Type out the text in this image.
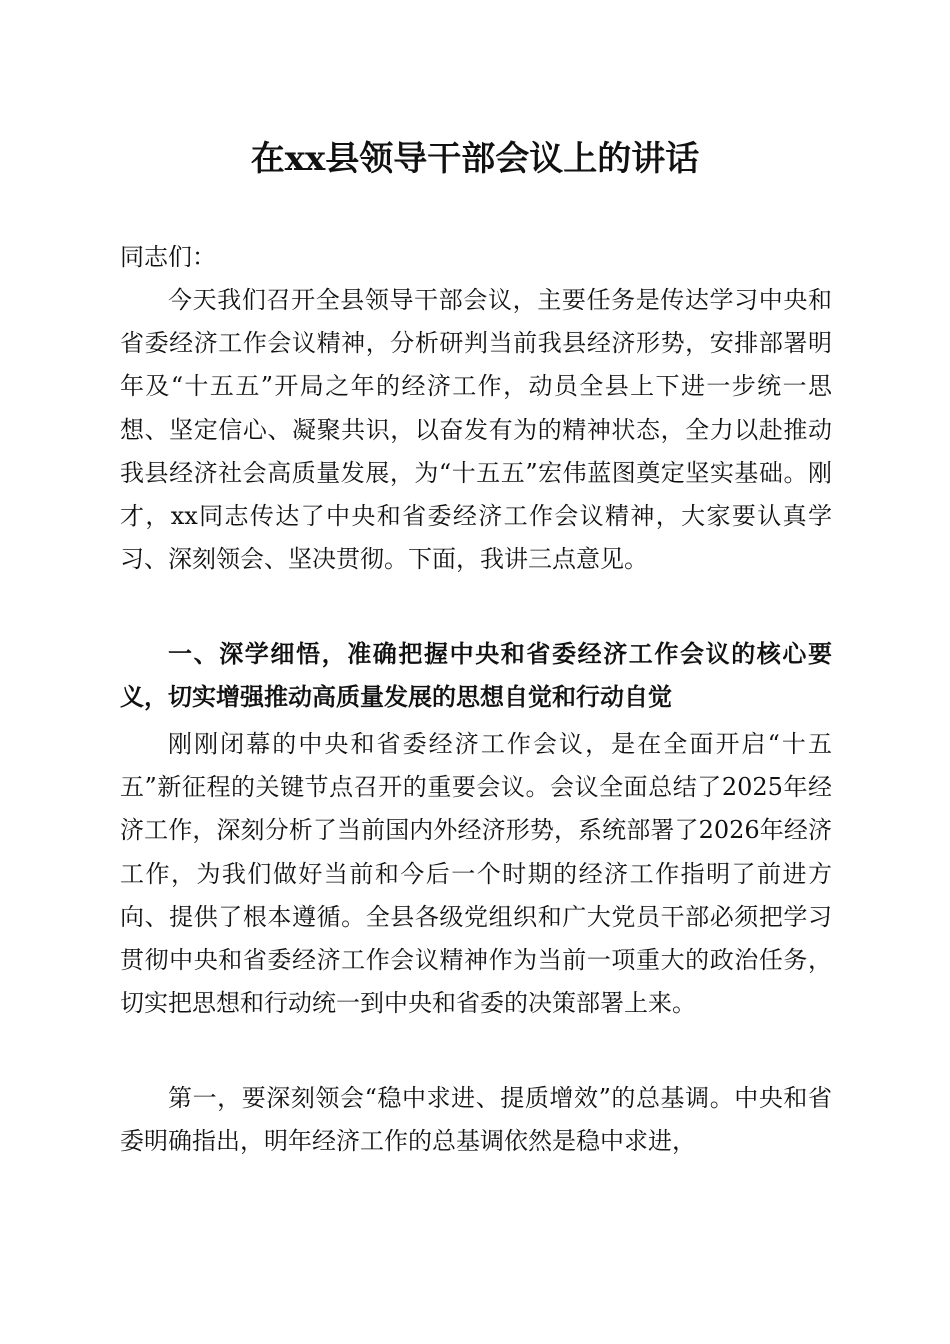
在xx县领导干部会议上的讲话
同志们：
今天我们召开全县领导干部会议，主要任务是传达学习中央和省委经济工作会议精神，分析研判当前我县经济形势，安排部署明年及“十五五”开局之年的经济工作，动员全县上下进一步统一思想、坚定信心、凝聚共识，以奋发有为的精神状态，全力以赴推动我县经济社会高质量发展，为“十五五”宏伟蓝图奠定坚实基础。刚才，xx同志传达了中央和省委经济工作会议精神，大家要认真学习、深刻领会、坚决贯彻。下面，我讲三点意见。
一、深学细悟，准确把握中央和省委经济工作会议的核心要义，切实增强推动高质量发展的思想自觉和行动自觉
刚刚闭幕的中央和省委经济工作会议，是在全面开启“十五五”新征程的关键节点召开的重要会议。会议全面总结了2025年经济工作，深刻分析了当前国内外经济形势，系统部署了2026年经济工作，为我们做好当前和今后一个时期的经济工作指明了前进方向、提供了根本遵循。全县各级党组织和广大党员干部必须把学习贯彻中央和省委经济工作会议精神作为当前一项重大的政治任务，切实把思想和行动统一到中央和省委的决策部署上来。
第一，要深刻领会“稳中求进、提质增效”的总基调。中央和省委明确指出，明年经济工作的总基调依然是稳中求进，
